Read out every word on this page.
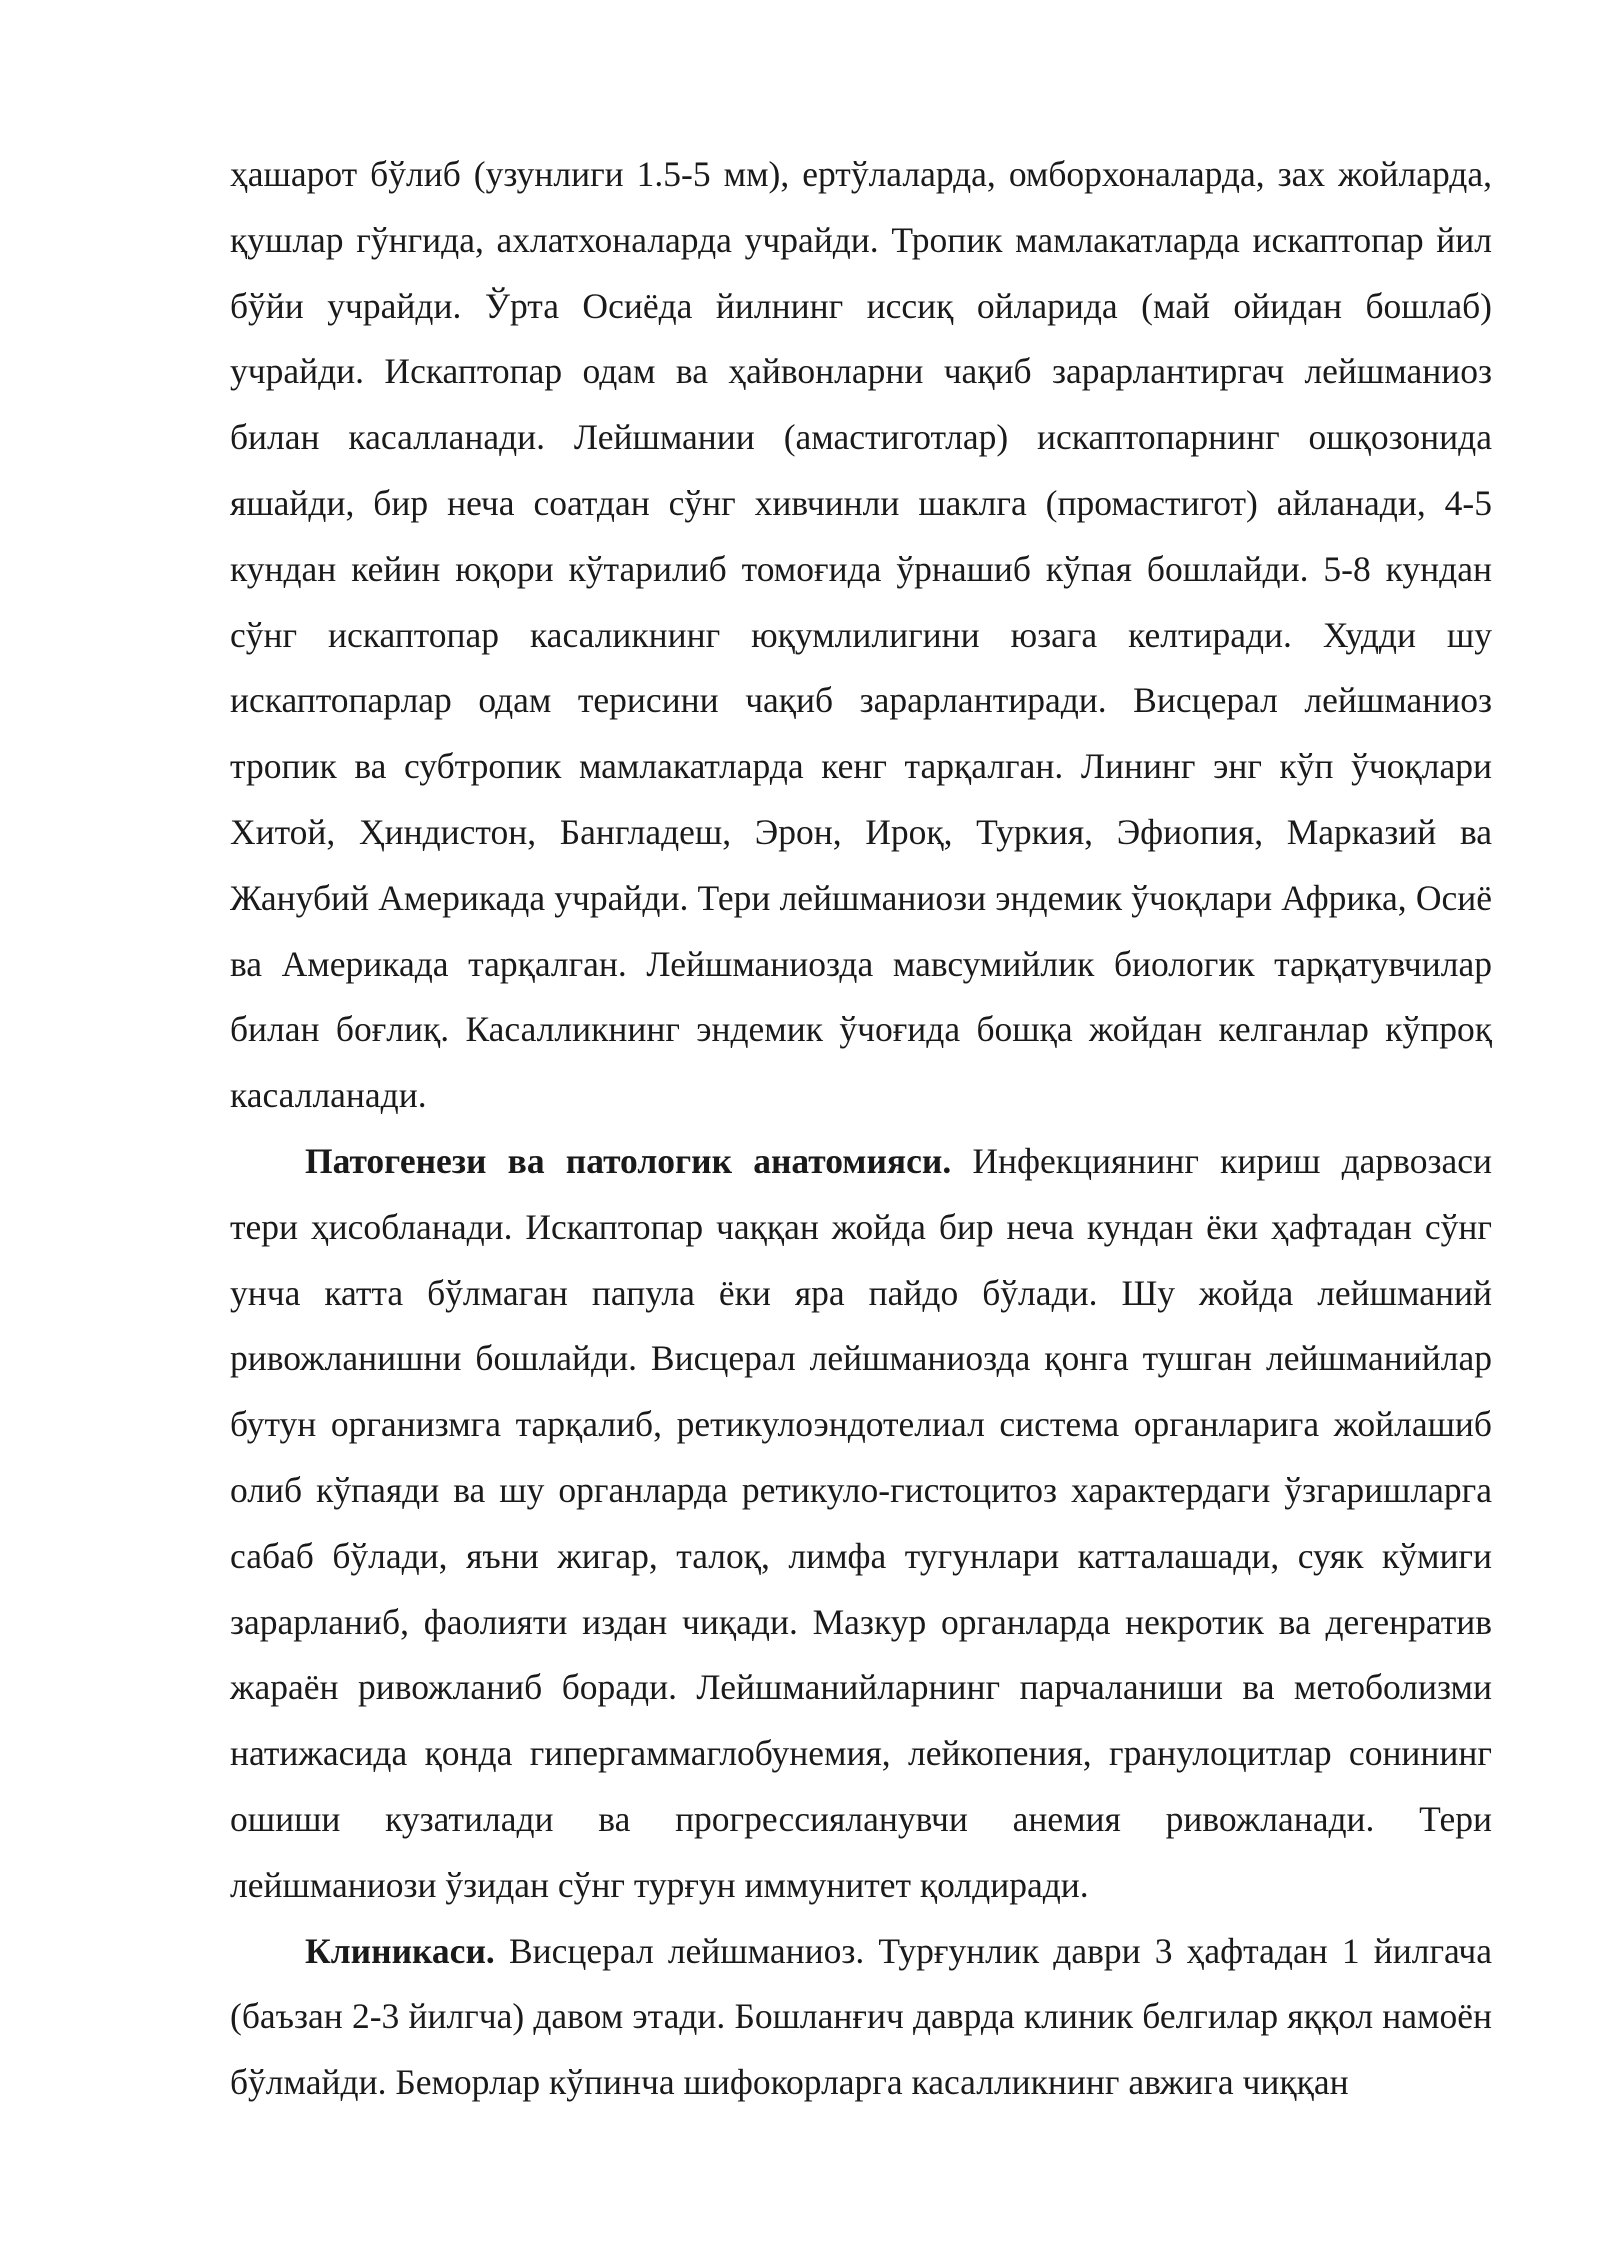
ҳашарот бўлиб (узунлиги 1.5-5 мм), ертўлаларда, омборхоналарда, зах жойларда, қушлар гўнгида, ахлатхоналарда учрайди. Тропик мамлакатларда искаптопар йил бўйи учрайди. Ўрта Осиёда йилнинг иссиқ ойларида (май ойидан бошлаб) учрайди. Искаптопар одам ва ҳайвонларни чақиб зарарлантиргач лейшманиоз билан касалланади. Лейшмании (амастиготлар) искаптопарнинг ошқозонида яшайди, бир неча соатдан сўнг хивчинли шаклга (промастигот) айланади, 4-5 кундан кейин юқори кўтарилиб томоғида ўрнашиб кўпая бошлайди. 5-8 кундан сўнг искаптопар касаликнинг юқумлилигини юзага келтиради. Худди шу искаптопарлар одам терисини чақиб зарарлантиради. Висцерал лейшманиоз тропик ва субтропик мамлакатларда кенг тарқалган. Лининг энг кўп ўчоқлари Хитой, Ҳиндистон, Бангладеш, Эрон, Ироқ, Туркия, Эфиопия, Марказий ва Жанубий Америкада учрайди. Тери лейшманиози эндемик ўчоқлари Африка, Осиё ва Америкада тарқалган. Лейшманиозда мавсумийлик биологик тарқатувчилар билан боғлиқ. Касалликнинг эндемик ўчоғида бошқа жойдан келганлар кўпроқ касалланади.

Патогенези ва патологик анатомияси. Инфекциянинг кириш дарвозаси тери ҳисобланади. Искаптопар чаққан жойда бир неча кундан ёки ҳафтадан сўнг унча катта бўлмаган папула ёки яра пайдо бўлади. Шу жойда лейшманий ривожланишни бошлайди. Висцерал лейшманиозда қонга тушган лейшманийлар бутун организмга тарқалиб, ретикулоэндотелиал система органларига жойлашиб олиб кўпаяди ва шу органларда ретикуло-гистоцитоз характердаги ўзгаришларга сабаб бўлади, яъни жигар, талоқ, лимфа тугунлари катталашади, суяк кўмиги зарарланиб, фаолияти издан чиқади. Мазкур органларда некротик ва дегенратив жараён ривожланиб боради. Лейшманийларнинг парчаланиши ва метоболизми натижасида қонда гипергаммаглобунемия, лейкопения, гранулоцитлар сонининг ошиши кузатилади ва прогрессияланувчи анемия ривожланади. Тери лейшманиози ўзидан сўнг турғун иммунитет қолдиради.

Клиникаси. Висцерал лейшманиоз. Турғунлик даври 3 ҳафтадан 1 йилгача (баъзан 2-3 йилгча) давом этади. Бошланғич даврда клиник белгилар яққол намоён бўлмайди. Беморлар кўпинча шифокорларга касалликнинг авжига чиққан
